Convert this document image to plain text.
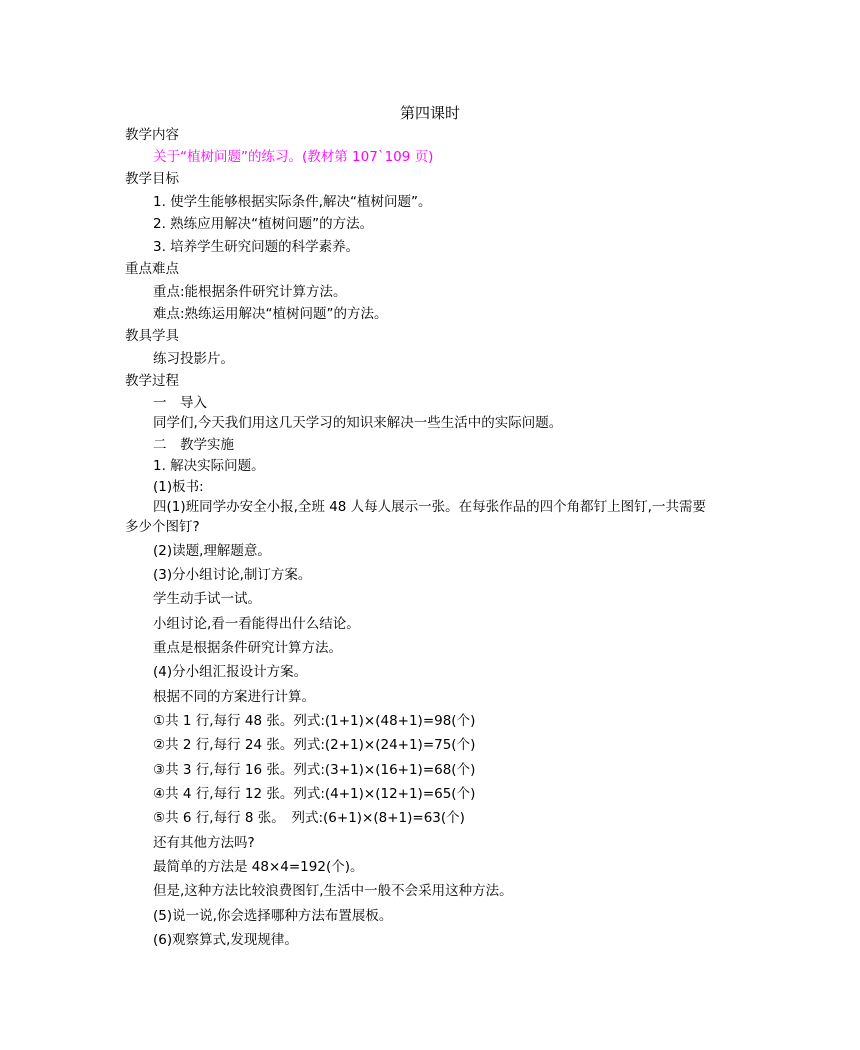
第四课时
教学内容
关于“植树问题”的练习。(教材第 107`109 页)
教学目标
1. 使学生能够根据实际条件,解决“植树问题”。
2. 熟练应用解决“植树问题”的方法。
3. 培养学生研究问题的科学素养。
重点难点
重点:能根据条件研究计算方法。
难点:熟练运用解决“植树问题”的方法。
教具学具
练习投影片。
教学过程
一　导入
同学们,今天我们用这几天学习的知识来解决一些生活中的实际问题。
二　教学实施
1. 解决实际问题。
(1)板书:
四(1)班同学办安全小报,全班 48 人每人展示一张。在每张作品的四个角都钉上图钉,一共需要
多少个图钉?
(2)读题,理解题意。
(3)分小组讨论,制订方案。
学生动手试一试。
小组讨论,看一看能得出什么结论。
重点是根据条件研究计算方法。
(4)分小组汇报设计方案。
根据不同的方案进行计算。
①共 1 行,每行 48 张。列式:(1+1)×(48+1)=98(个)
②共 2 行,每行 24 张。列式:(2+1)×(24+1)=75(个)
③共 3 行,每行 16 张。列式:(3+1)×(16+1)=68(个)
④共 4 行,每行 12 张。列式:(4+1)×(12+1)=65(个)
⑤共 6 行,每行 8 张。　列式:(6+1)×(8+1)=63(个)
还有其他方法吗?
最简单的方法是 48×4=192(个)。
但是,这种方法比较浪费图钉,生活中一般不会采用这种方法。
(5)说一说,你会选择哪种方法布置展板。
(6)观察算式,发现规律。
